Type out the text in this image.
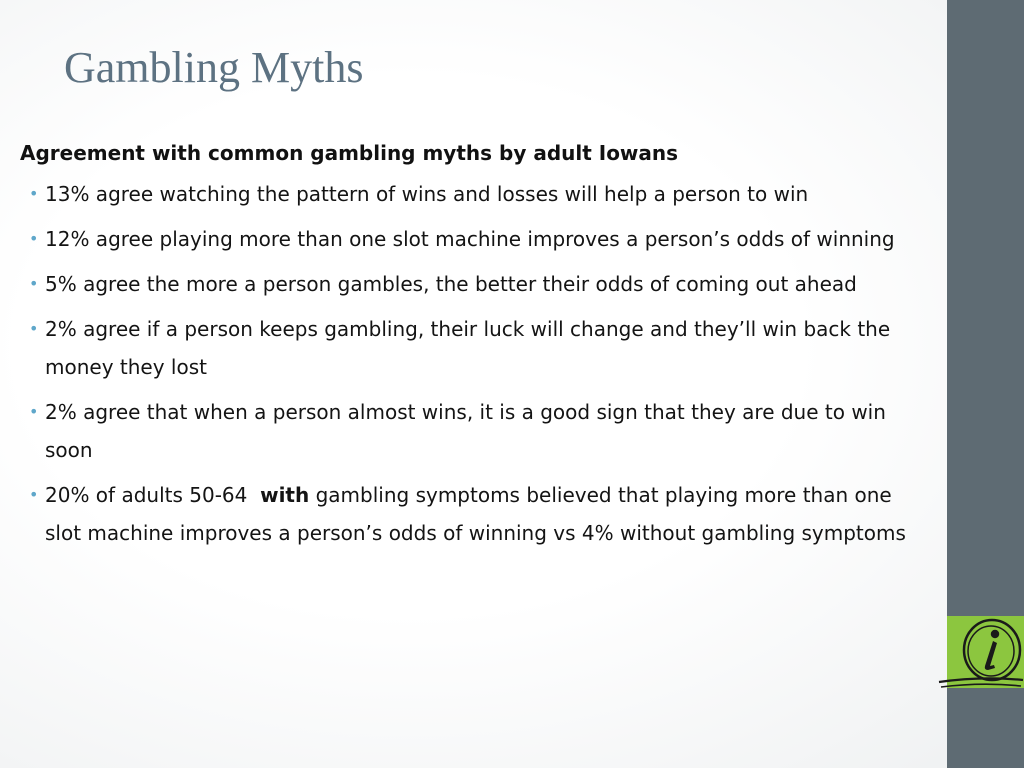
Gambling Myths
Agreement with common gambling myths by adult Iowans
• 13% agree watching the pattern of wins and losses will help a person to win
• 12% agree playing more than one slot machine improves a person’s odds of winning
• 5% agree the more a person gambles, the better their odds of coming out ahead
• 2% agree if a person keeps gambling, their luck will change and they’ll win back the money they lost
• 2% agree that when a person almost wins, it is a good sign that they are due to win soon
• 20% of adults 50-64 with gambling symptoms believed that playing more than one slot machine improves a person’s odds of winning vs 4% without gambling symptoms
